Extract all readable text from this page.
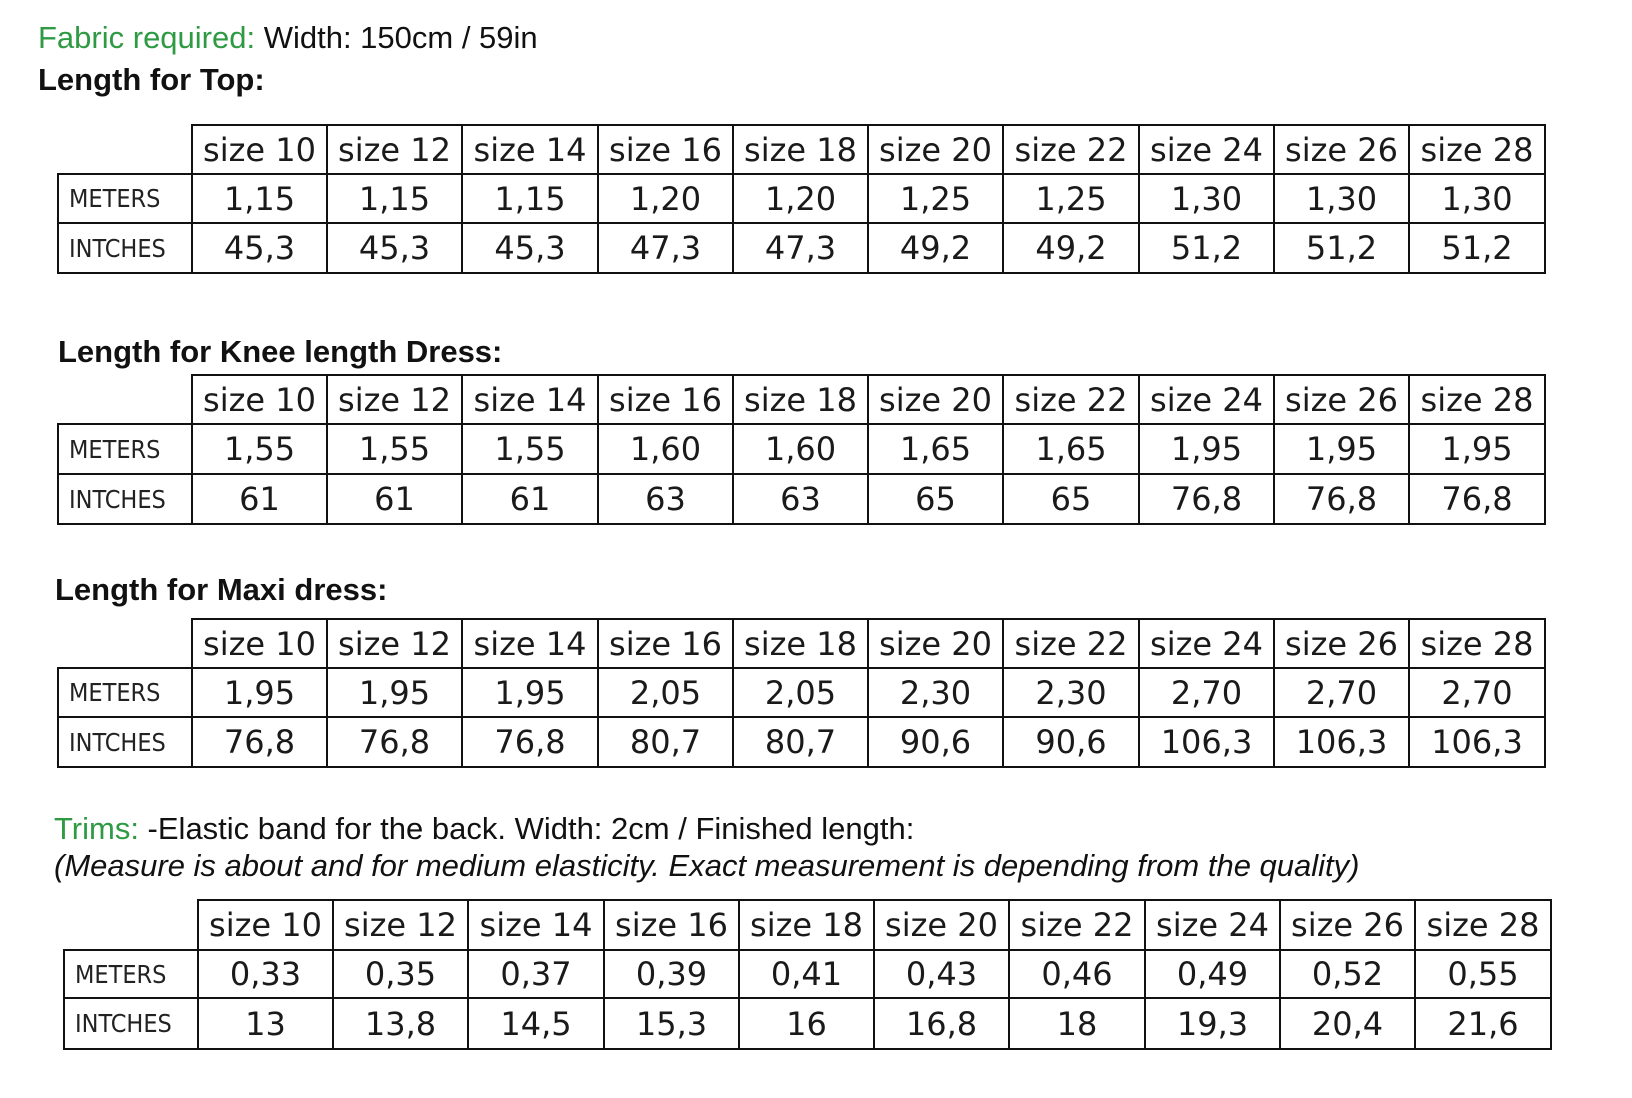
Fabric required: Width: 150cm / 59in
Length for Top:
	size 10	size 12	size 14	size 16	size 18	size 20	size 22	size 24	size 26	size 28
METERS	1,15	1,15	1,15	1,20	1,20	1,25	1,25	1,30	1,30	1,30
INTCHES	45,3	45,3	45,3	47,3	47,3	49,2	49,2	51,2	51,2	51,2
Length for Knee length Dress:
	size 10	size 12	size 14	size 16	size 18	size 20	size 22	size 24	size 26	size 28
METERS	1,55	1,55	1,55	1,60	1,60	1,65	1,65	1,95	1,95	1,95
INTCHES	61	61	61	63	63	65	65	76,8	76,8	76,8
Length for Maxi dress:
	size 10	size 12	size 14	size 16	size 18	size 20	size 22	size 24	size 26	size 28
METERS	1,95	1,95	1,95	2,05	2,05	2,30	2,30	2,70	2,70	2,70
INTCHES	76,8	76,8	76,8	80,7	80,7	90,6	90,6	106,3	106,3	106,3
Trims: -Elastic band for the back. Width: 2cm / Finished length:
(Measure is about and for medium elasticity. Exact measurement is depending from the quality)
	size 10	size 12	size 14	size 16	size 18	size 20	size 22	size 24	size 26	size 28
METERS	0,33	0,35	0,37	0,39	0,41	0,43	0,46	0,49	0,52	0,55
INTCHES	13	13,8	14,5	15,3	16	16,8	18	19,3	20,4	21,6
